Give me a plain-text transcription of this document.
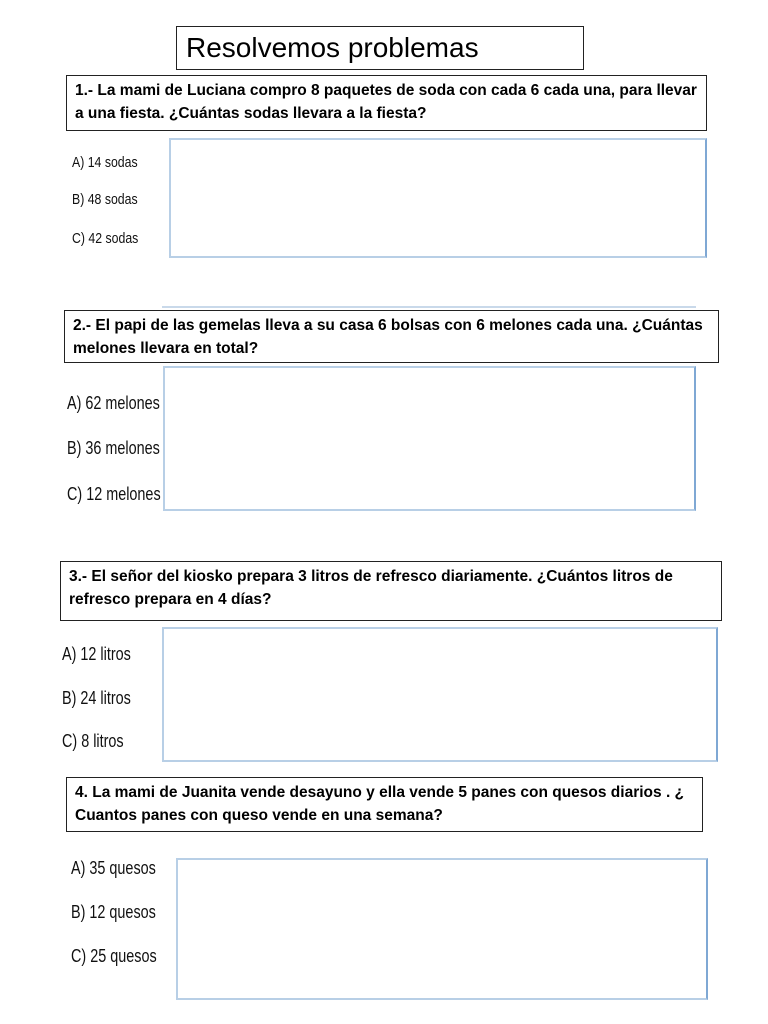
Resolvemos problemas
1.- La mami de Luciana compro 8 paquetes de soda con cada 6 cada una, para llevar a una fiesta. ¿Cuántas sodas llevara a la fiesta?
A) 14 sodas
B) 48 sodas
C) 42 sodas
2.- El papi de las gemelas lleva a su casa 6 bolsas con 6 melones cada una. ¿Cuántas melones llevara en total?
A) 62 melones
B) 36 melones
C) 12 melones
3.- El señor del kiosko prepara 3 litros de refresco diariamente. ¿Cuántos litros de refresco prepara en 4 días?
A) 12 litros
B) 24 litros
C) 8 litros
4. La mami de Juanita vende desayuno y ella vende 5 panes con quesos diarios . ¿ Cuantos panes con queso vende en una semana?
A) 35 quesos
B) 12 quesos
C) 25 quesos
